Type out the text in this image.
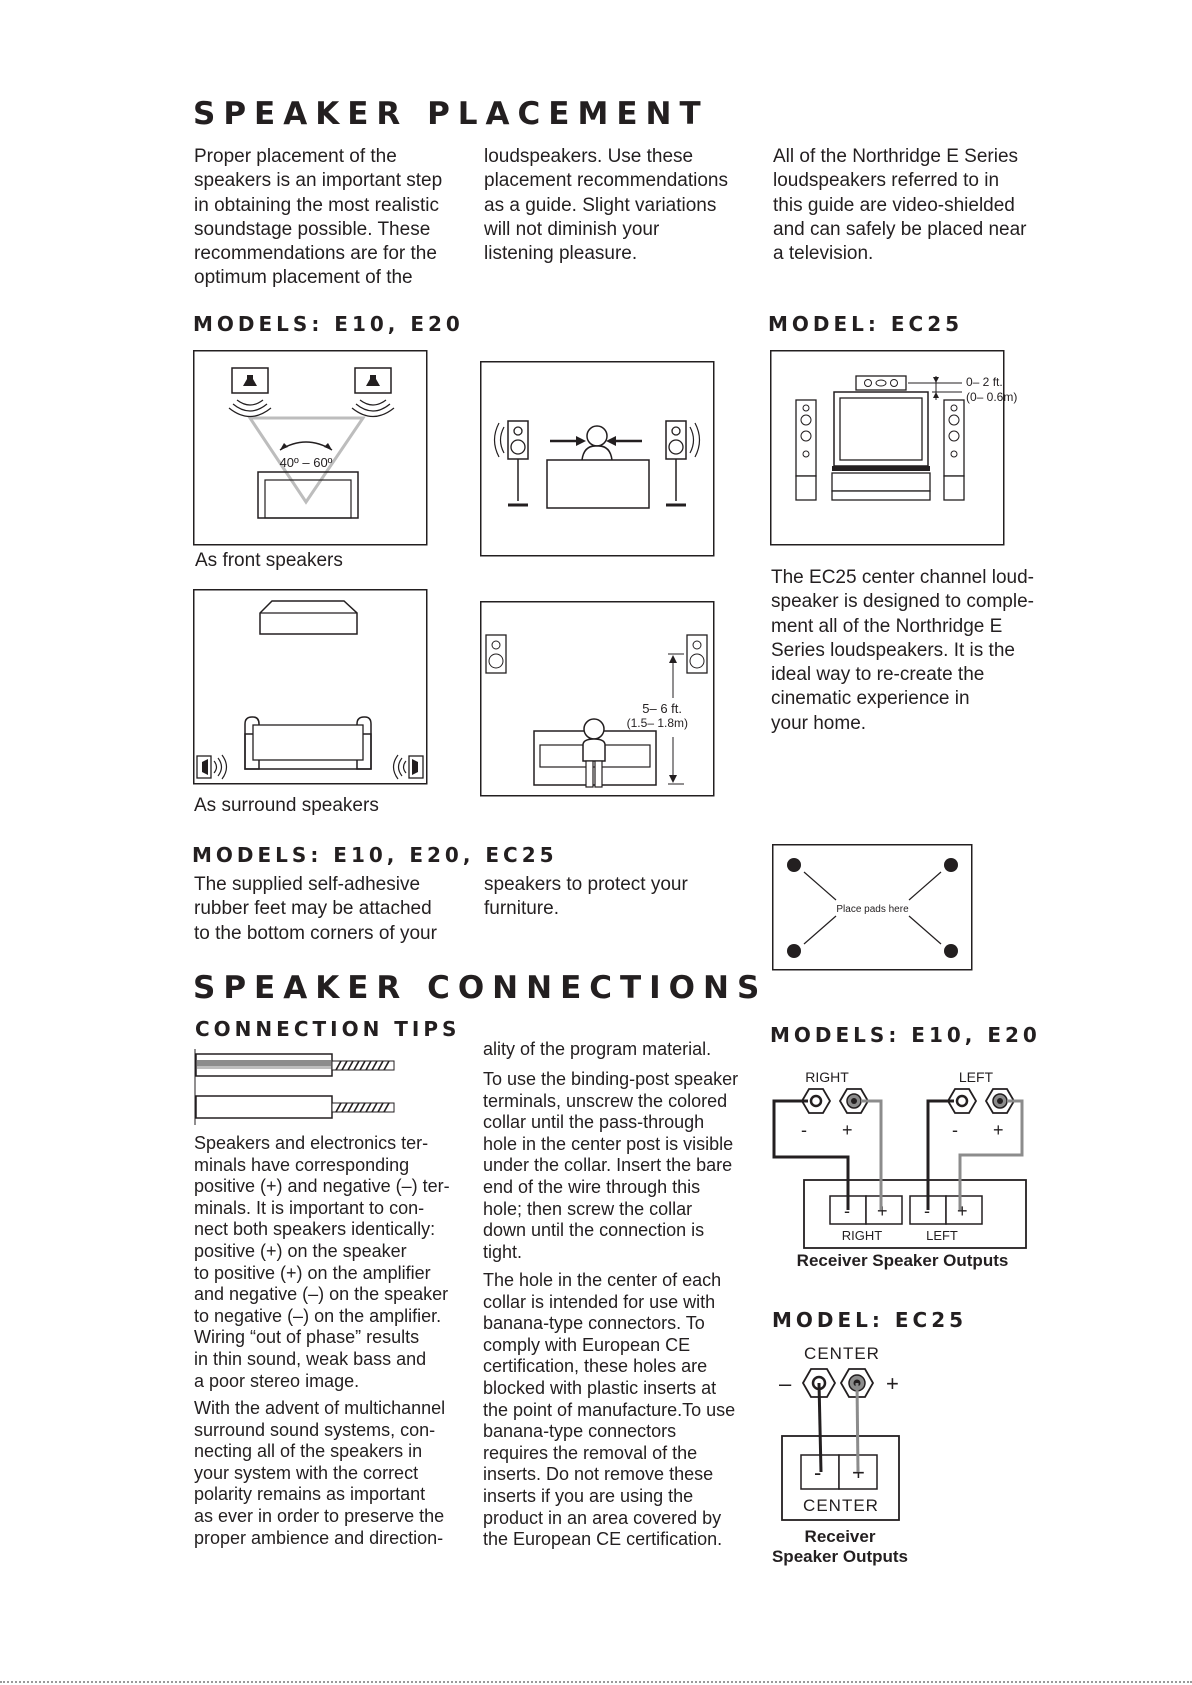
SPEAKER PLACEMENT
Proper placement of the
speakers is an important step
in obtaining the most realistic
soundstage possible. These
recommendations are for the
optimum placement of the
loudspeakers. Use these
placement recommendations
as a guide. Slight variations
will not diminish your
listening pleasure.
All of the Northridge E Series
loudspeakers referred to in
this guide are video-shielded
and can safely be placed near
a television.
MODELS: E10, E20	MODEL: EC25
40º – 60º
As front speakers
0– 2 ft.
(0– 0.6m)
The EC25 center channel loud-
speaker is designed to comple-
ment all of the Northridge E
Series loudspeakers. It is the
ideal way to re-create the
cinematic experience in
your home.
As surround speakers
5– 6 ft.
(1.5– 1.8m)
MODELS: E10, E20, EC25
The supplied self-adhesive
rubber feet may be attached
to the bottom corners of your
speakers to protect your
furniture.	Place pads here
SPEAKER CONNECTIONS
CONNECTION TIPS
Speakers and electronics ter-
minals have corresponding
positive (+) and negative (–) ter-
minals. It is important to con-
nect both speakers identically:
positive (+) on the speaker
to positive (+) on the amplifier
and negative (–) on the speaker
to negative (–) on the amplifier.
Wiring “out of phase” results
in thin sound, weak bass and
a poor stereo image.
With the advent of multichannel
surround sound systems, con-
necting all of the speakers in
your system with the correct
polarity remains as important
as ever in order to preserve the
proper ambience and direction-
ality of the program material.
To use the binding-post speaker
terminals, unscrew the colored
collar until the pass-through
hole in the center post is visible
under the collar. Insert the bare
end of the wire through this
hole; then screw the collar
down until the connection is
tight.
The hole in the center of each
collar is intended for use with
banana-type connectors. To
comply with European CE
certification, these holes are
blocked with plastic inserts at
the point of manufacture.To use
banana-type connectors
requires the removal of the
inserts. Do not remove these
inserts if you are using the
product in an area covered by
the European CE certification.
MODELS: E10, E20
RIGHT	LEFT
- +	- +
- + - +
RIGHT	LEFT
Receiver Speaker Outputs
MODEL: EC25
CENTER
–	+
- +
CENTER
Receiver
Speaker Outputs
